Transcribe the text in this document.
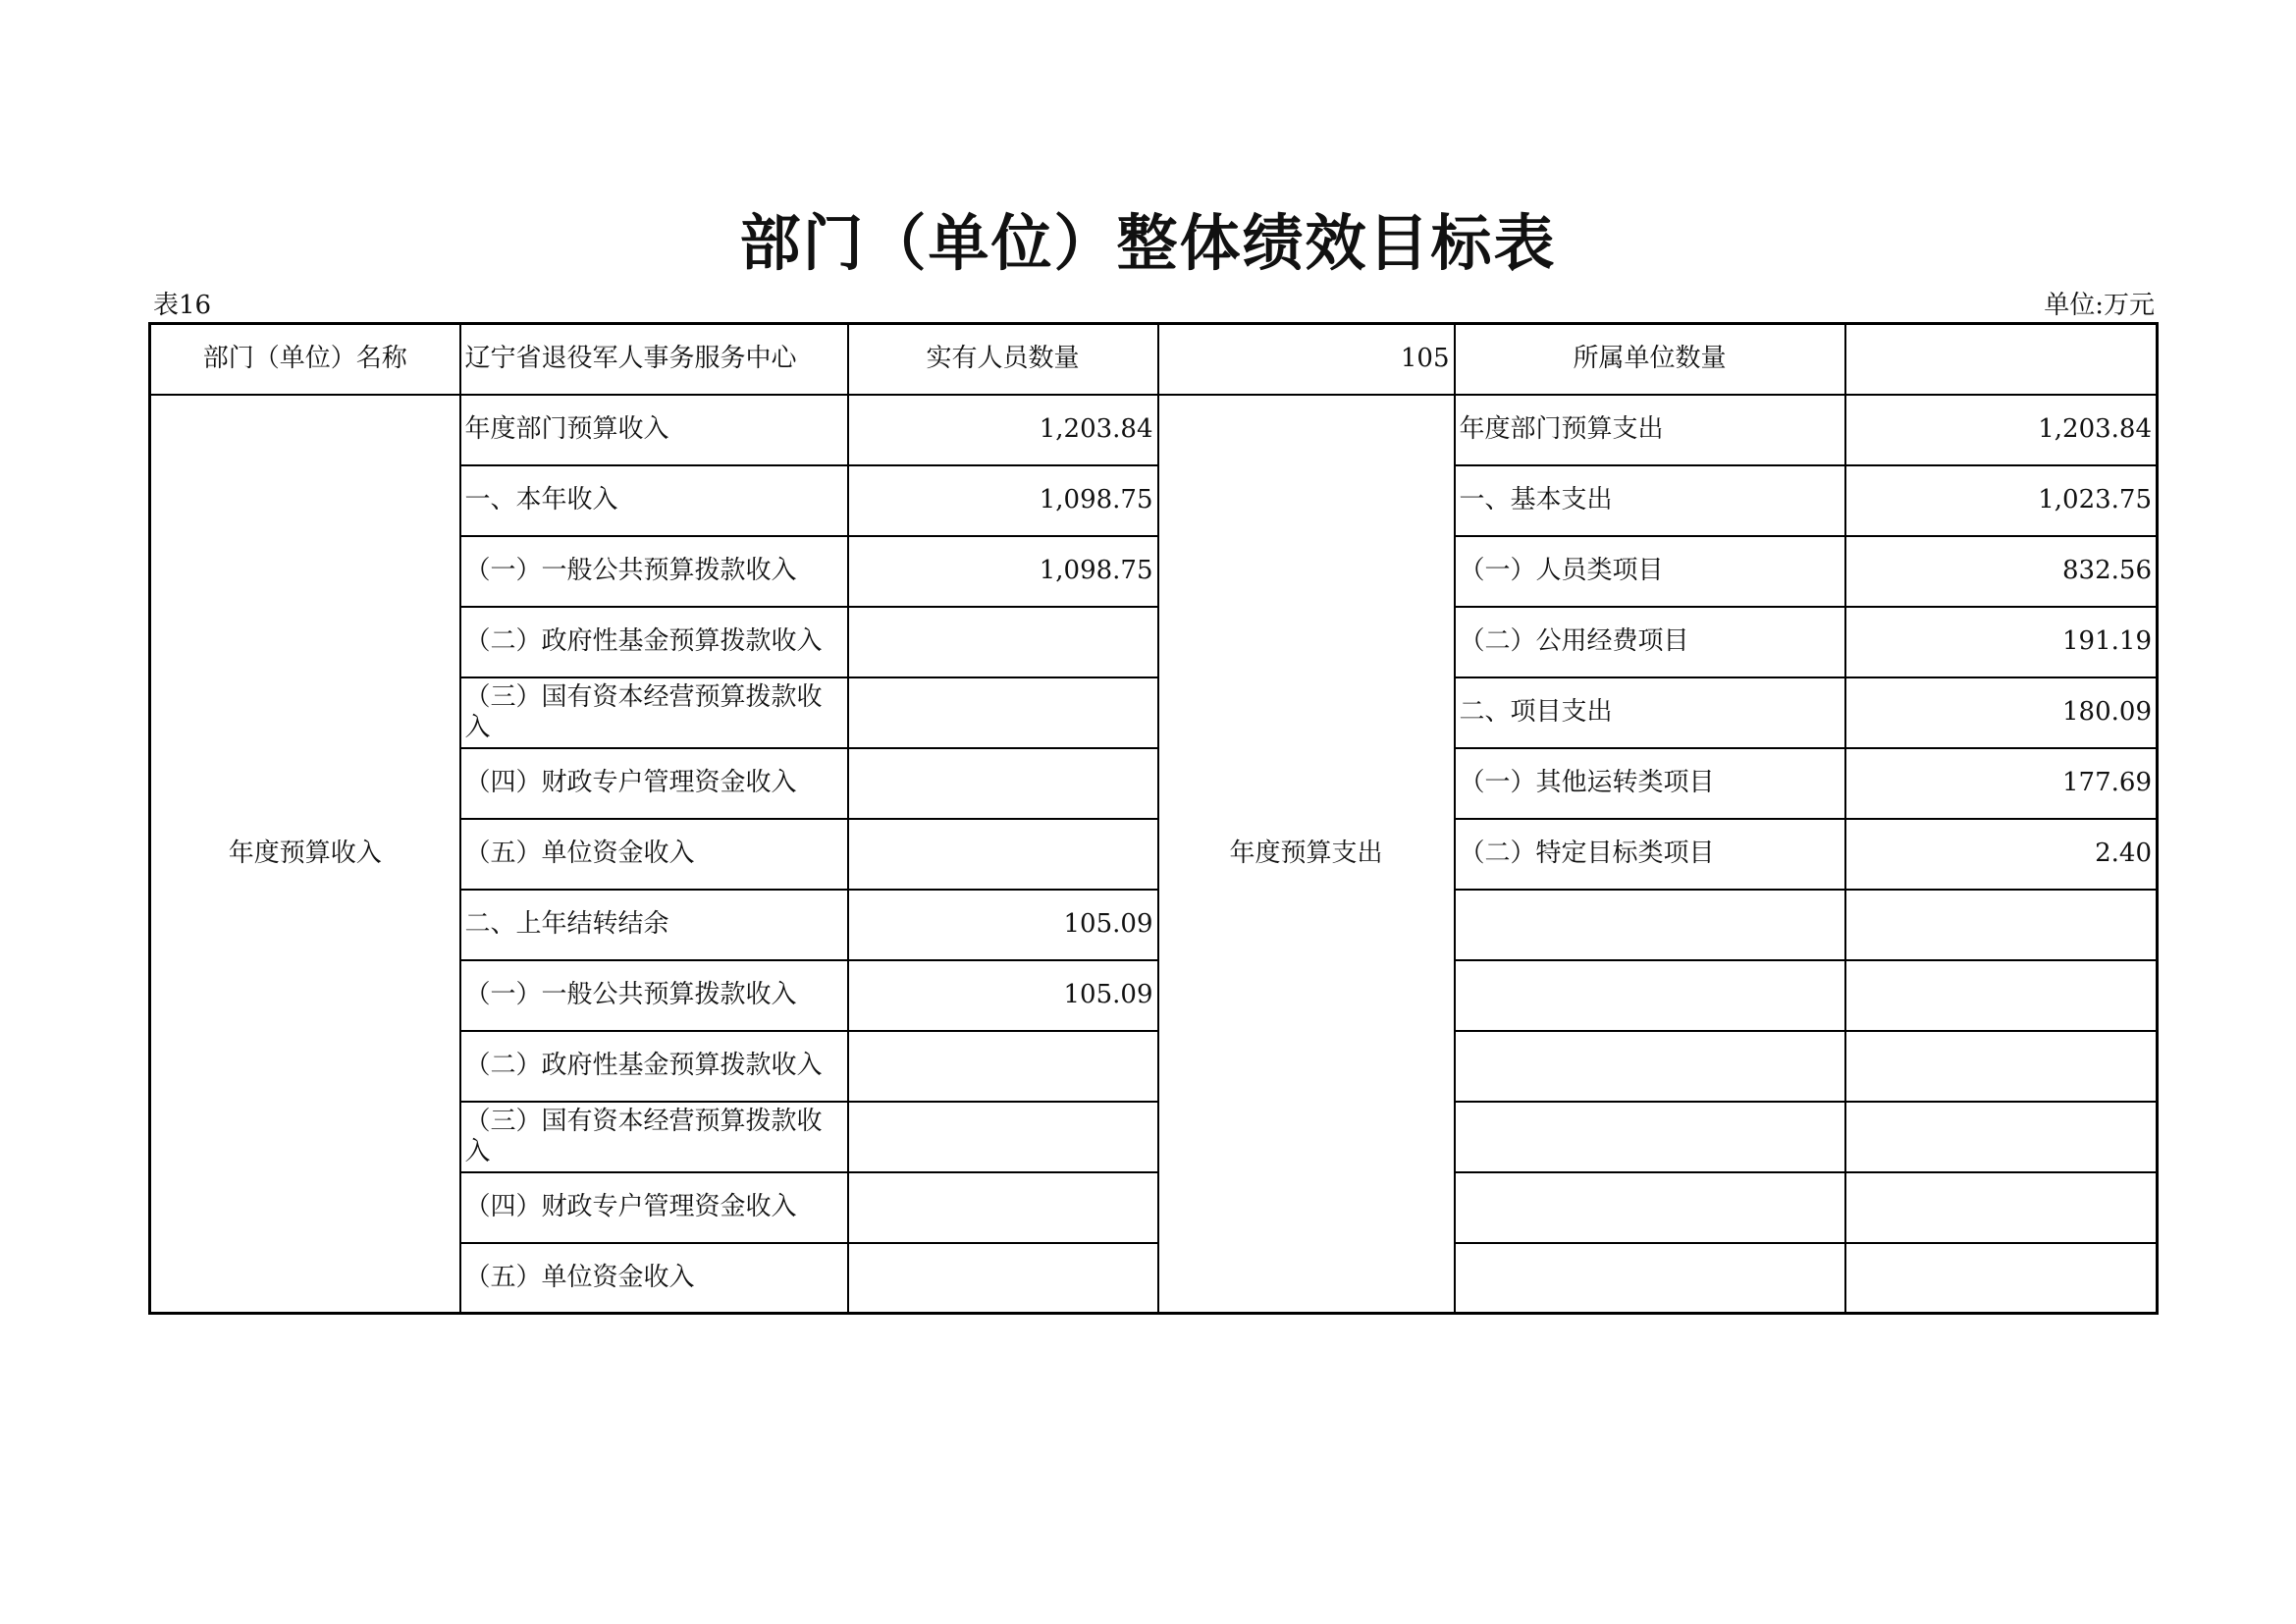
部门（单位）整体绩效目标表
表16	单位:万元
部门（单位）名称	辽宁省退役军人事务服务中心	实有人员数量	105	所属单位数量	
年度预算收入	年度部门预算收入	1,203.84	年度预算支出	年度部门预算支出	1,203.84
	一、本年收入	1,098.75		一、基本支出	1,023.75
	（一）一般公共预算拨款收入	1,098.75		（一）人员类项目	832.56
	（二）政府性基金预算拨款收入			（二）公用经费项目	191.19
	（三）国有资本经营预算拨款收入			二、项目支出	180.09
	（四）财政专户管理资金收入			（一）其他运转类项目	177.69
	（五）单位资金收入			（二）特定目标类项目	2.40
	二、上年结转结余	105.09			
	（一）一般公共预算拨款收入	105.09			
	（二）政府性基金预算拨款收入				
	（三）国有资本经营预算拨款收入				
	（四）财政专户管理资金收入				
	（五）单位资金收入				
